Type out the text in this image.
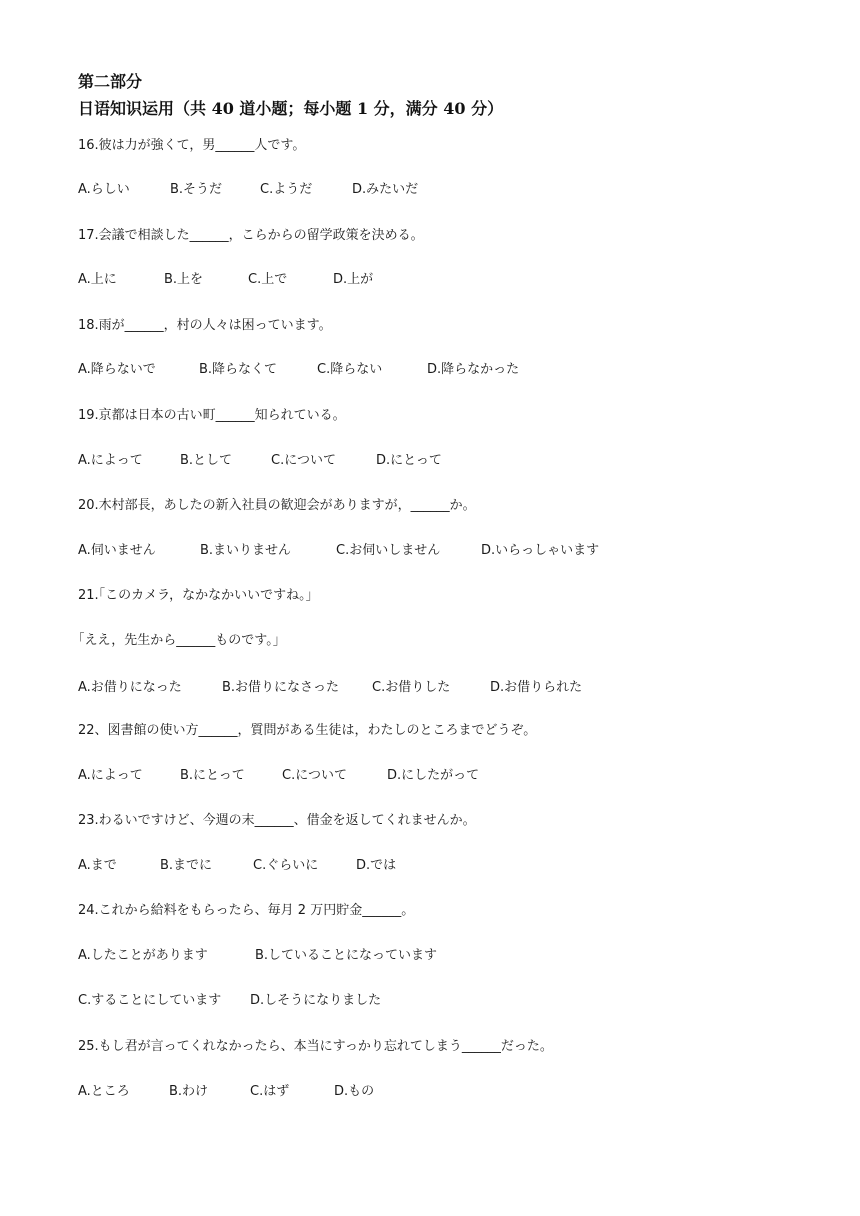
第二部分
日语知识运用（共 40 道小题；每小题 1 分，满分 40 分）
16.彼は力が強くて，男______人です。
A.らしい	B.そうだ	C.ようだ	D.みたいだ
17.会議で相談した______，こらからの留学政策を決める。
A.上に	B.上を	C.上で	D.上が
18.雨が______，村の人々は困っています。
A.降らないで	B.降らなくて	C.降らない	D.降らなかった
19.京都は日本の古い町______知られている。
A.によって	B.として	C.について	D.にとって
20.木村部長，あしたの新入社員の歓迎会がありますが，______か。
A.伺いません	B.まいりません	C.お伺いしません	D.いらっしゃいます
21.｢このカメラ，なかなかいいですね。｣
｢ええ，先生から______ものです。｣
A.お借りになった	B.お借りになさった	C.お借りした	D.お借りられた
22、図書館の使い方______，質問がある生徒は，わたしのところまでどうぞ。
A.によって	B.にとって	C.について	D.にしたがって
23.わるいですけど、今週の末______、借金を返してくれませんか。
A.まで	B.までに	C.ぐらいに	D.では
24.これから給料をもらったら、毎月 2 万円貯金______。
A.したことがあります	B.していることになっています
C.することにしています D.しそうになりました
25.もし君が言ってくれなかったら、本当にすっかり忘れてしまう______だった。
A.ところ	B.わけ	C.はず	D.もの
